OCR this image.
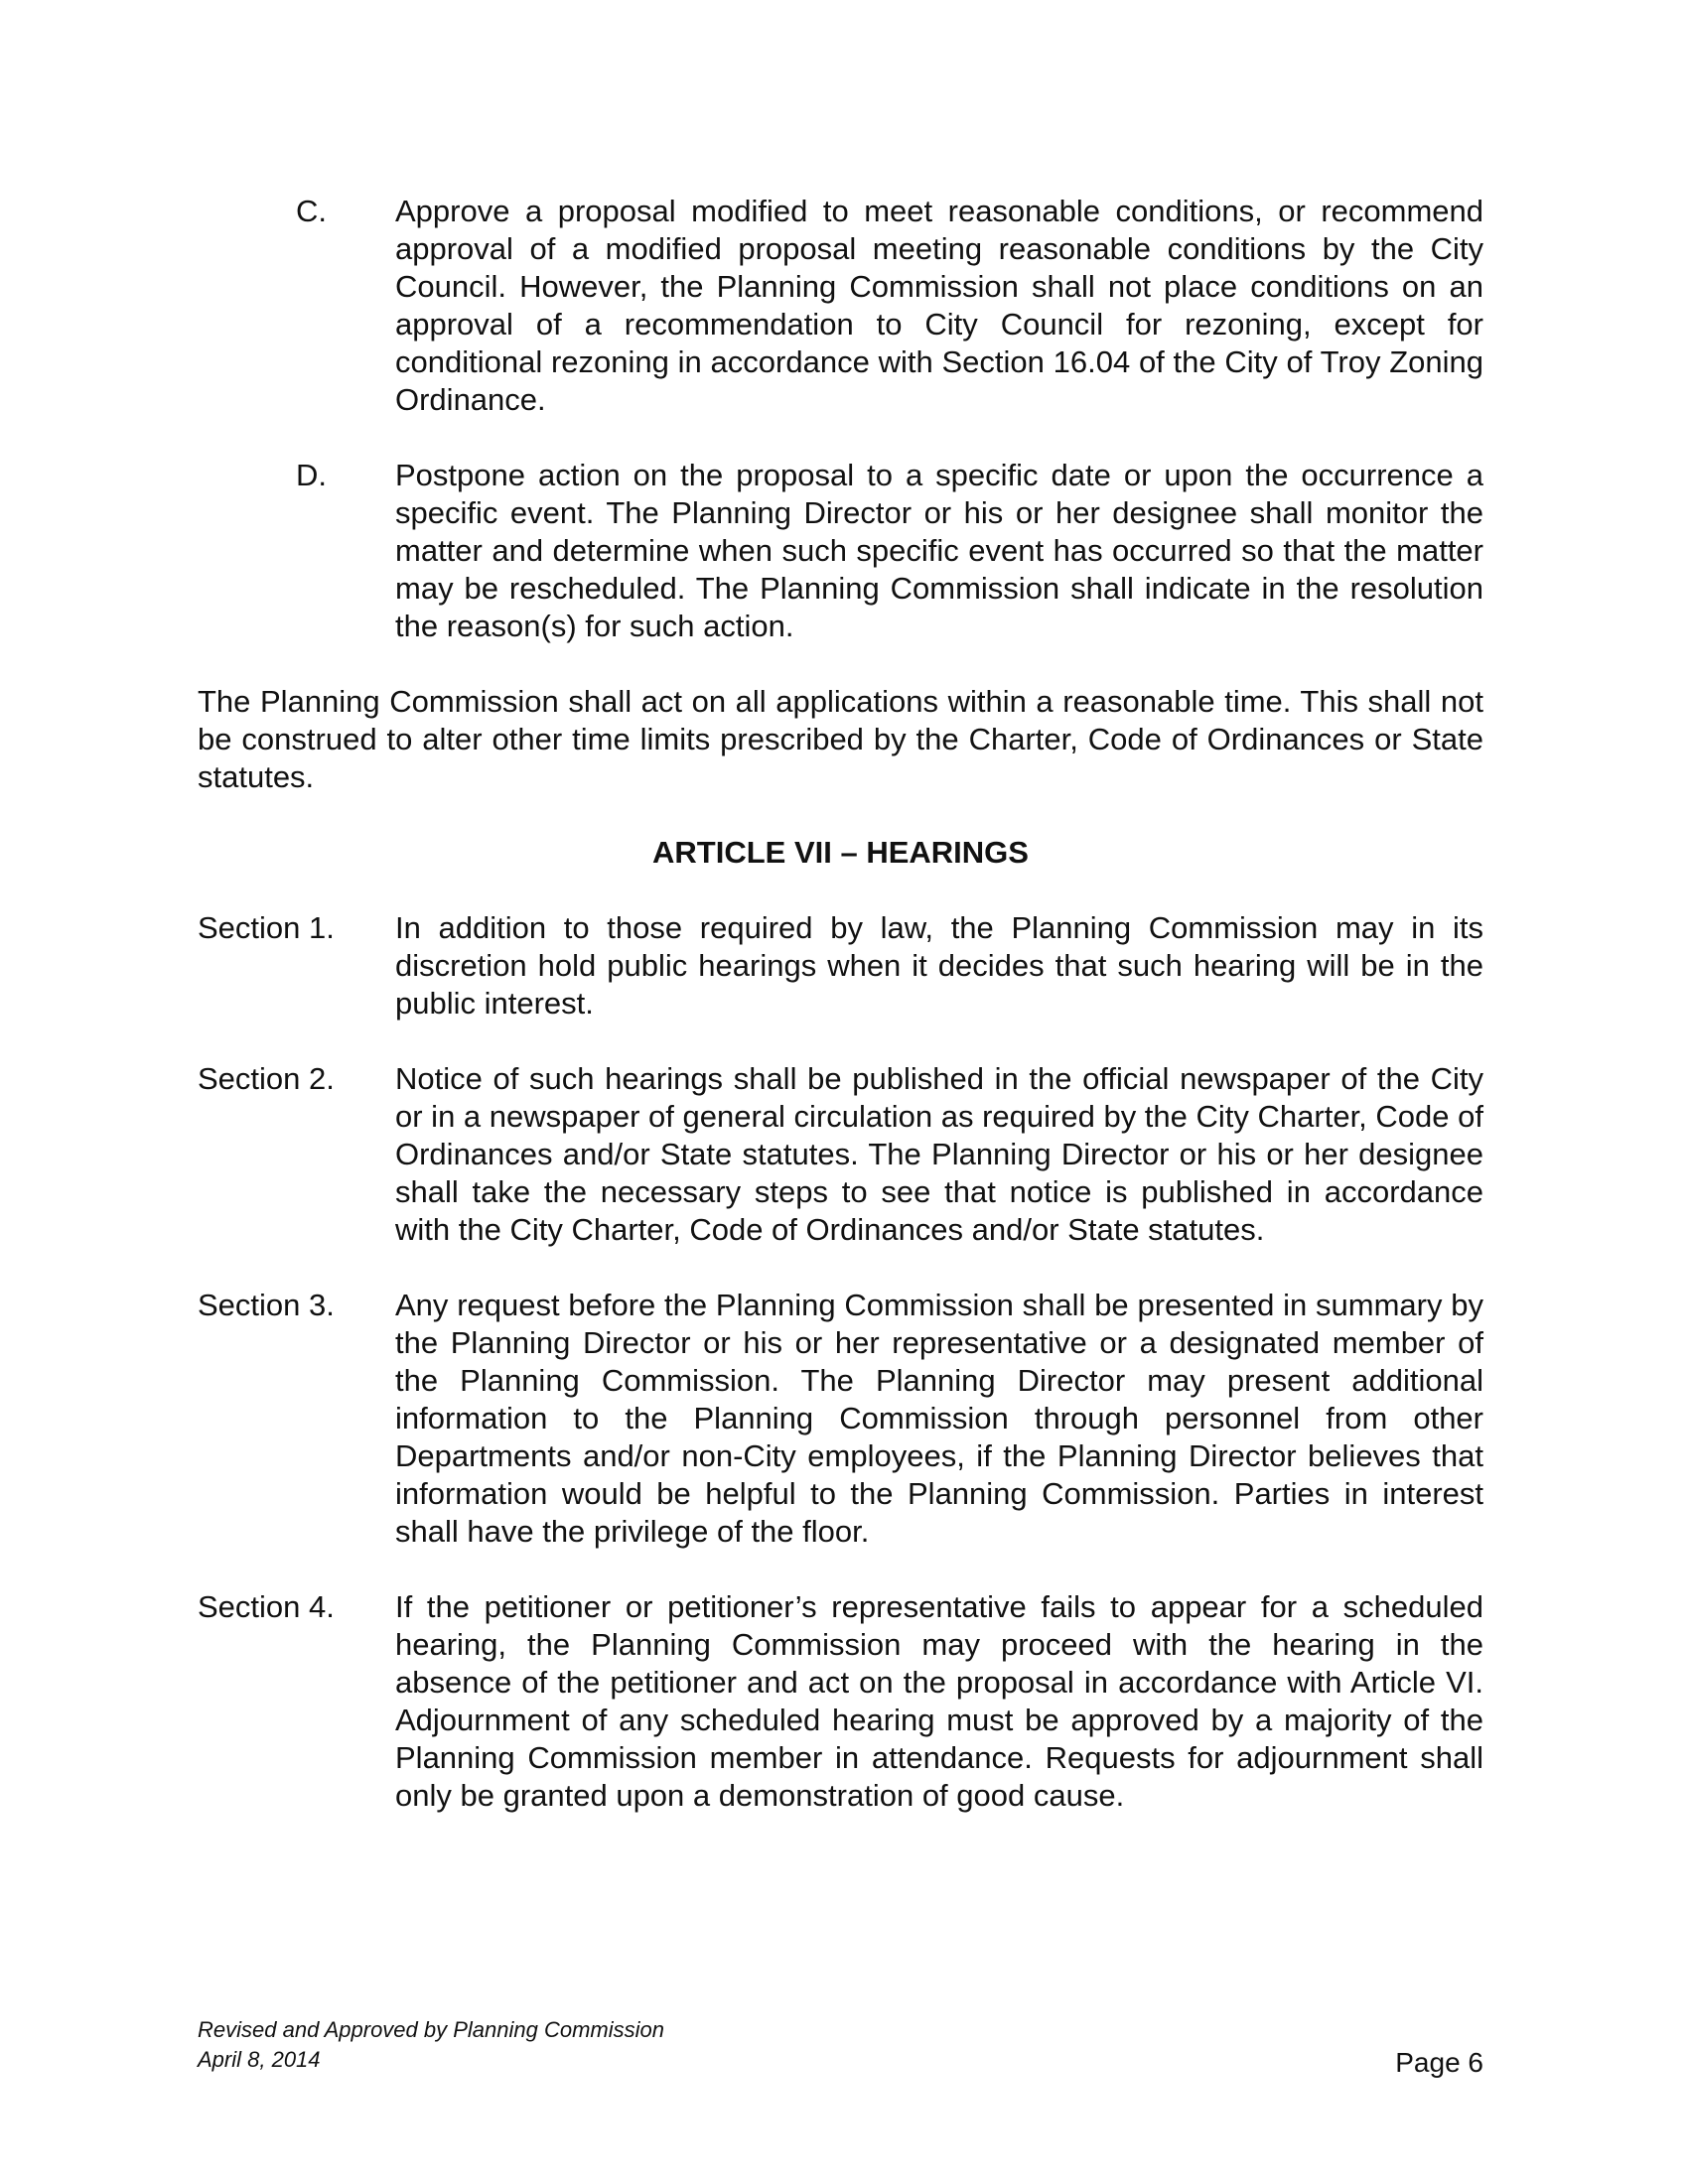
C.	Approve a proposal modified to meet reasonable conditions, or recommend approval of a modified proposal meeting reasonable conditions by the City Council. However, the Planning Commission shall not place conditions on an approval of a recommendation to City Council for rezoning, except for conditional rezoning in accordance with Section 16.04 of the City of Troy Zoning Ordinance.
D.	Postpone action on the proposal to a specific date or upon the occurrence a specific event. The Planning Director or his or her designee shall monitor the matter and determine when such specific event has occurred so that the matter may be rescheduled. The Planning Commission shall indicate in the resolution the reason(s) for such action.
The Planning Commission shall act on all applications within a reasonable time. This shall not be construed to alter other time limits prescribed by the Charter, Code of Ordinances or State statutes.
ARTICLE VII – HEARINGS
Section 1.	In addition to those required by law, the Planning Commission may in its discretion hold public hearings when it decides that such hearing will be in the public interest.
Section 2.	Notice of such hearings shall be published in the official newspaper of the City or in a newspaper of general circulation as required by the City Charter, Code of Ordinances and/or State statutes. The Planning Director or his or her designee shall take the necessary steps to see that notice is published in accordance with the City Charter, Code of Ordinances and/or State statutes.
Section 3.	Any request before the Planning Commission shall be presented in summary by the Planning Director or his or her representative or a designated member of the Planning Commission. The Planning Director may present additional information to the Planning Commission through personnel from other Departments and/or non-City employees, if the Planning Director believes that information would be helpful to the Planning Commission. Parties in interest shall have the privilege of the floor.
Section 4.	If the petitioner or petitioner’s representative fails to appear for a scheduled hearing, the Planning Commission may proceed with the hearing in the absence of the petitioner and act on the proposal in accordance with Article VI. Adjournment of any scheduled hearing must be approved by a majority of the Planning Commission member in attendance. Requests for adjournment shall only be granted upon a demonstration of good cause.
Revised and Approved by Planning Commission
April 8, 2014	Page 6
